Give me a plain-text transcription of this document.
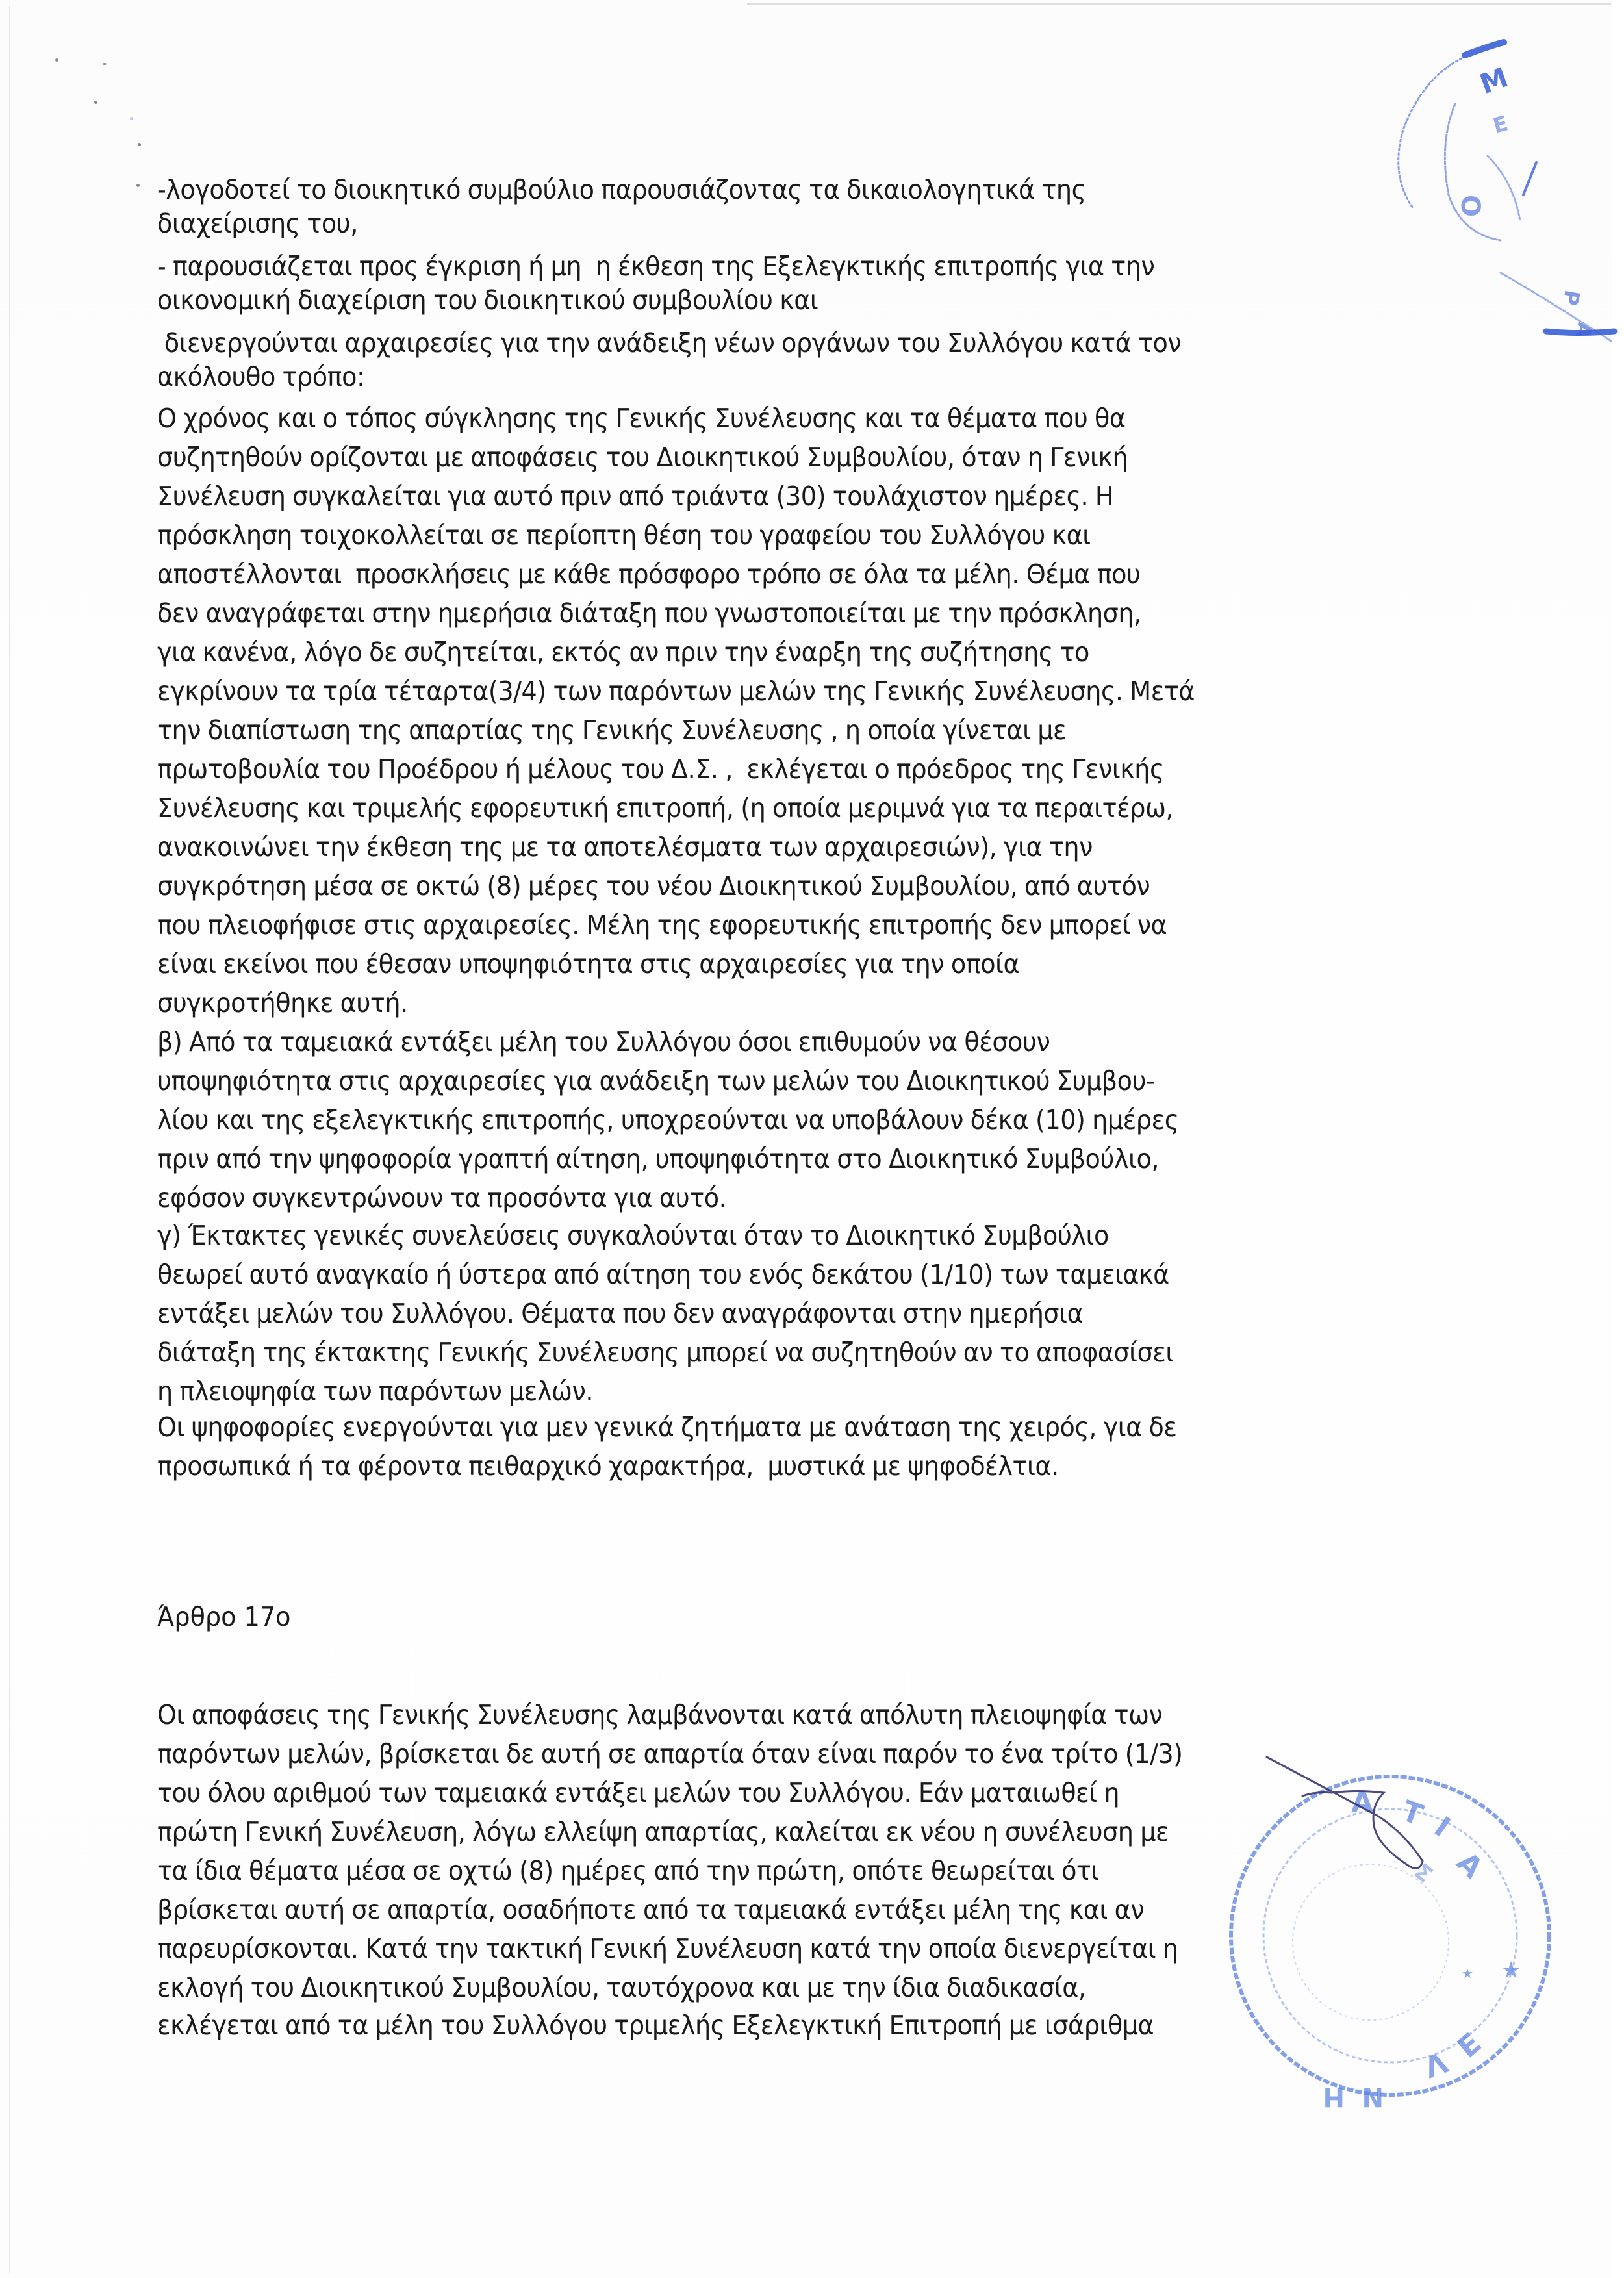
Μ
Ε
Ο
Ρ
Α
-λογοδοτεί το διοικητικό συμβούλιο παρουσιάζοντας τα δικαιολογητικά της
διαχείρισης του,
- παρουσιάζεται προς έγκριση ή μη  η έκθεση της Εξελεγκτικής επιτροπής για την
οικονομική διαχείριση του διοικητικού συμβουλίου και
διενεργούνται αρχαιρεσίες για την ανάδειξη νέων οργάνων του Συλλόγου κατά τον
ακόλουθο τρόπο:
Ο χρόνος και ο τόπος σύγκλησης της Γενικής Συνέλευσης και τα θέματα που θα
συζητηθούν ορίζονται με αποφάσεις του Διοικητικού Συμβουλίου, όταν η Γενική
Συνέλευση συγκαλείται για αυτό πριν από τριάντα (30) τουλάχιστον ημέρες. Η
πρόσκληση τοιχοκολλείται σε περίοπτη θέση του γραφείου του Συλλόγου και
αποστέλλονται  προσκλήσεις με κάθε πρόσφορο τρόπο σε όλα τα μέλη. Θέμα που
δεν αναγράφεται στην ημερήσια διάταξη που γνωστοποιείται με την πρόσκληση,
για κανένα, λόγο δε συζητείται, εκτός αν πριν την έναρξη της συζήτησης το
εγκρίνουν τα τρία τέταρτα(3/4) των παρόντων μελών της Γενικής Συνέλευσης. Μετά
την διαπίστωση της απαρτίας της Γενικής Συνέλευσης , η οποία γίνεται με
πρωτοβουλία του Προέδρου ή μέλους του Δ.Σ. ,  εκλέγεται ο πρόεδρος της Γενικής
Συνέλευσης και τριμελής εφορευτική επιτροπή, (η οποία μεριμνά για τα περαιτέρω,
ανακοινώνει την έκθεση της με τα αποτελέσματα των αρχαιρεσιών), για την
συγκρότηση μέσα σε οκτώ (8) μέρες του νέου Διοικητικού Συμβουλίου, από αυτόν
που πλειοφήφισε στις αρχαιρεσίες. Μέλη της εφορευτικής επιτροπής δεν μπορεί να
είναι εκείνοι που έθεσαν υποψηφιότητα στις αρχαιρεσίες για την οποία
συγκροτήθηκε αυτή.
β) Από τα ταμειακά εντάξει μέλη του Συλλόγου όσοι επιθυμούν να θέσουν
υποψηφιότητα στις αρχαιρεσίες για ανάδειξη των μελών του Διοικητικού Συμβου-
λίου και της εξελεγκτικής επιτροπής, υποχρεούνται να υποβάλουν δέκα (10) ημέρες
πριν από την ψηφοφορία γραπτή αίτηση, υποψηφιότητα στο Διοικητικό Συμβούλιο,
εφόσον συγκεντρώνουν τα προσόντα για αυτό.
γ) Έκτακτες γενικές συνελεύσεις συγκαλούνται όταν το Διοικητικό Συμβούλιο
θεωρεί αυτό αναγκαίο ή ύστερα από αίτηση του ενός δεκάτου (1/10) των ταμειακά
εντάξει μελών του Συλλόγου. Θέματα που δεν αναγράφονται στην ημερήσια
διάταξη της έκτακτης Γενικής Συνέλευσης μπορεί να συζητηθούν αν το αποφασίσει
η πλειοψηφία των παρόντων μελών.
Οι ψηφοφορίες ενεργούνται για μεν γενικά ζητήματα με ανάταση της χειρός, για δε
προσωπικά ή τα φέροντα πειθαρχικό χαρακτήρα,  μυστικά με ψηφοδέλτια.
Άρθρο 17ο
Οι αποφάσεις της Γενικής Συνέλευσης λαμβάνονται κατά απόλυτη πλειοψηφία των
παρόντων μελών, βρίσκεται δε αυτή σε απαρτία όταν είναι παρόν το ένα τρίτο (1/3)
του όλου αριθμού των ταμειακά εντάξει μελών του Συλλόγου. Εάν ματαιωθεί η
πρώτη Γενική Συνέλευση, λόγω ελλείψη απαρτίας, καλείται εκ νέου η συνέλευση με
τα ίδια θέματα μέσα σε οχτώ (8) ημέρες από την πρώτη, οπότε θεωρείται ότι
βρίσκεται αυτή σε απαρτία, οσαδήποτε από τα ταμειακά εντάξει μέλη της και αν
παρευρίσκονται. Κατά την τακτική Γενική Συνέλευση κατά την οποία διενεργείται η
εκλογή του Διοικητικού Συμβουλίου, ταυτόχρονα και με την ίδια διαδικασία,
εκλέγεται από τα μέλη του Συλλόγου τριμελής Εξελεγκτική Επιτροπή με ισάριθμα
Α Τ Ι
Α
Σ
★
★
Ε
Λ
Ν
Η
